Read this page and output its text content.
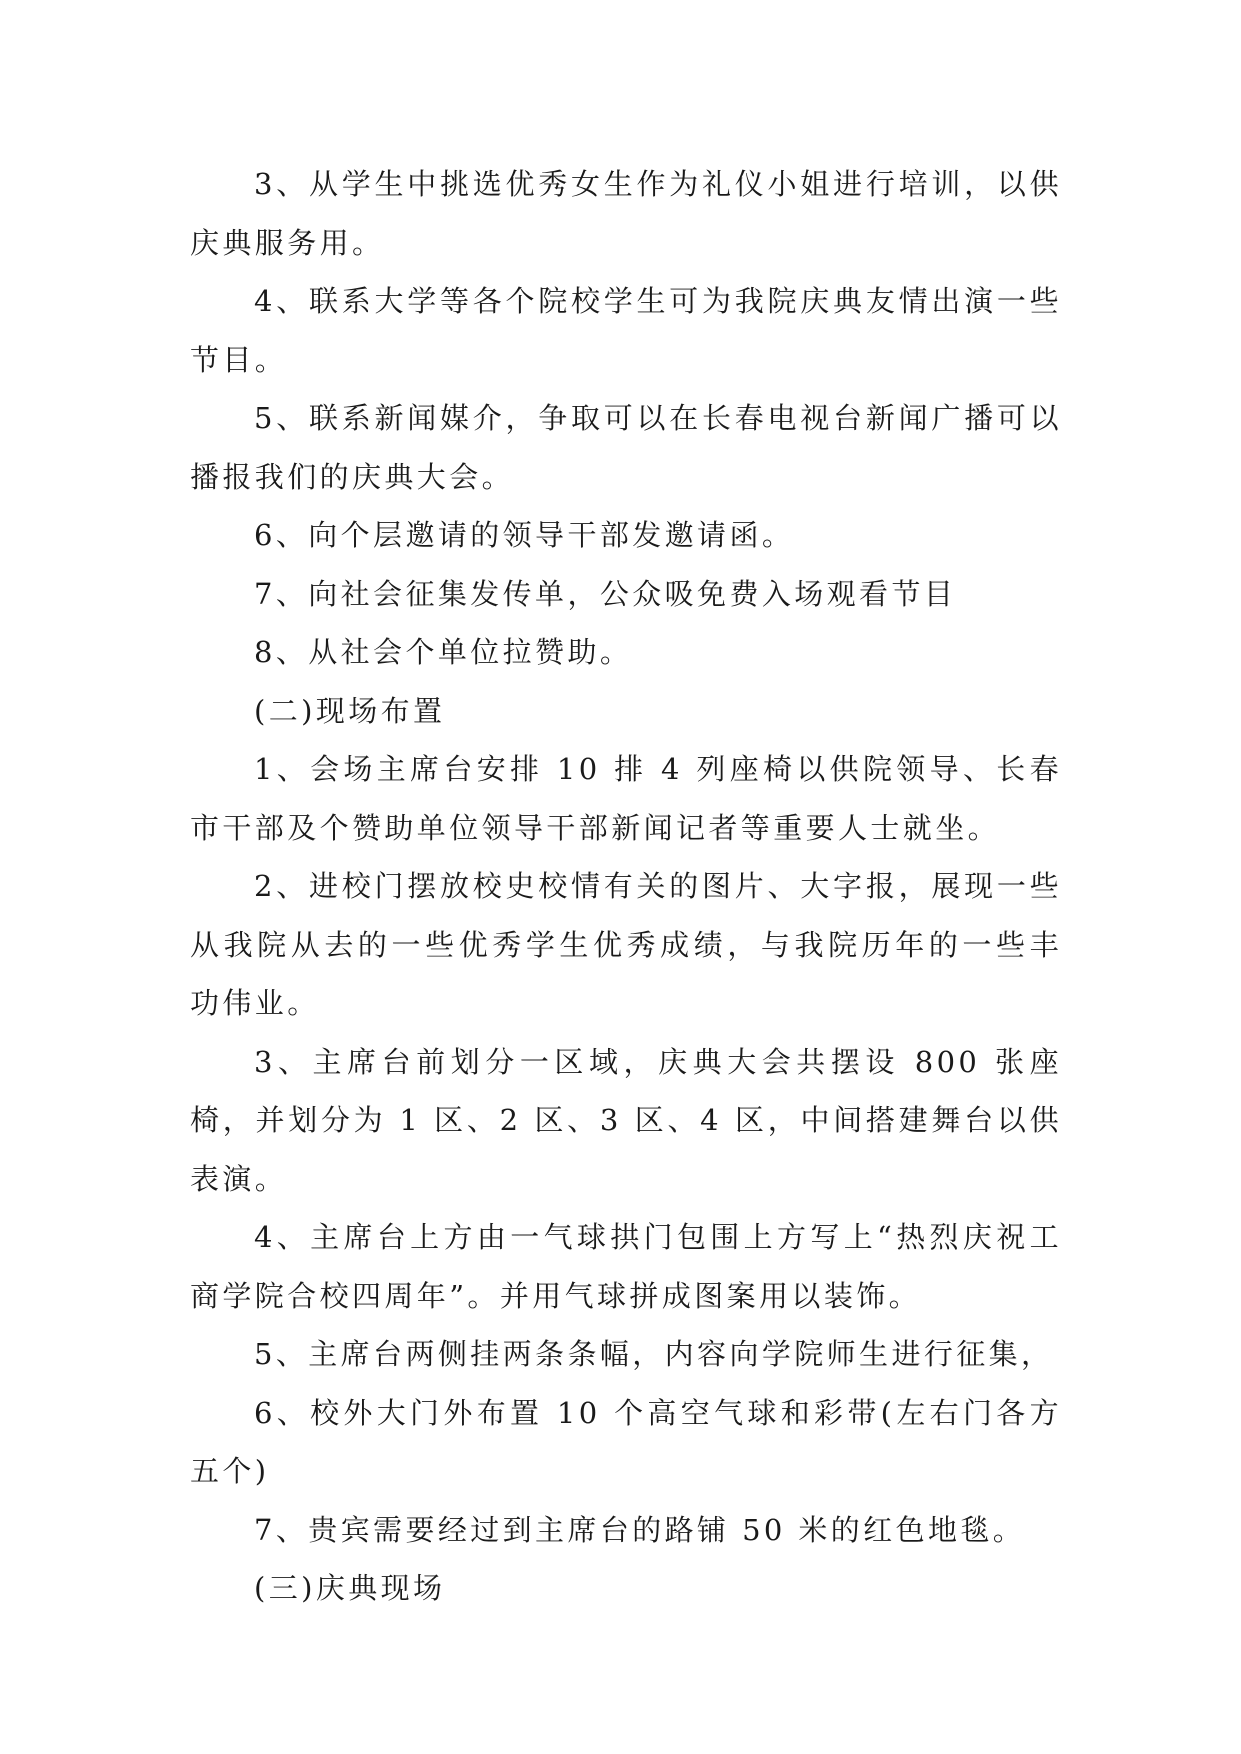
3、从学生中挑选优秀女生作为礼仪小姐进行培训，以供庆典服务用。

4、联系大学等各个院校学生可为我院庆典友情出演一些节目。

5、联系新闻媒介，争取可以在长春电视台新闻广播可以播报我们的庆典大会。

6、向个层邀请的领导干部发邀请函。

7、向社会征集发传单，公众吸免费入场观看节目

8、从社会个单位拉赞助。

(二)现场布置

1、会场主席台安排 10 排 4 列座椅以供院领导、长春市干部及个赞助单位领导干部新闻记者等重要人士就坐。

2、进校门摆放校史校情有关的图片、大字报，展现一些从我院从去的一些优秀学生优秀成绩，与我院历年的一些丰功伟业。

3、主席台前划分一区域，庆典大会共摆设 800 张座椅，并划分为 1 区、2 区、3 区、4 区，中间搭建舞台以供表演。

4、主席台上方由一气球拱门包围上方写上“热烈庆祝工商学院合校四周年”。并用气球拼成图案用以装饰。

5、主席台两侧挂两条条幅，内容向学院师生进行征集，

6、校外大门外布置 10 个高空气球和彩带(左右门各方五个)

7、贵宾需要经过到主席台的路铺 50 米的红色地毯。

(三)庆典现场
